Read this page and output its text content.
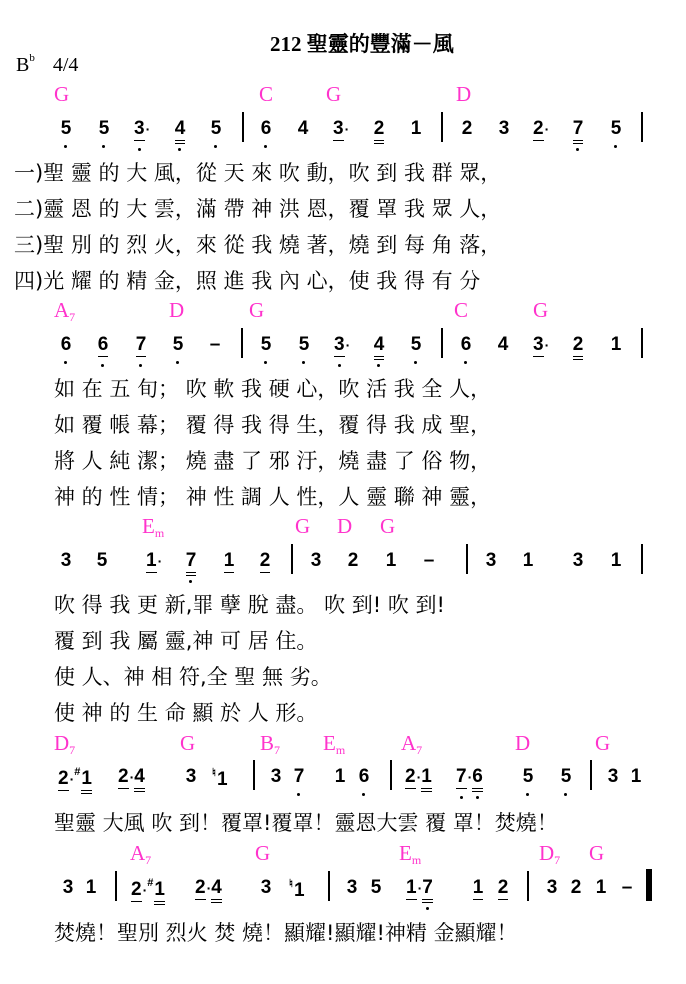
212 聖靈的豐滿－風
$B^b$ 4/4
G	C	G	D
5 5 3· 4 5 6 4 3· 2 1 2 3 2· 7 5
一)聖 靈 的 大 風，從 天 來 吹 動，吹 到 我 群 眾，
二)靈 恩 的 大 雲，滿 帶 神 洪 恩，覆 罩 我 眾 人，
三)聖 別 的 烈 火，來 從 我 燒 著，燒 到 每 角 落，
四)光 耀 的 精 金，照 進 我 內 心，使 我 得 有 分
$A_7$	D	G	C	G
6 6 7 5 – 5 5 3· 4 5 6 4 3· 2 1
如 在 五 旬； 吹 軟 我 硬 心，吹 活 我 全 人，
如 覆 帳 幕； 覆 得 我 得 生，覆 得 我 成 聖，
將 人 純 潔； 燒 盡 了 邪 汙，燒 盡 了 俗 物，
神 的 性 情； 神 性 調 人 性，人 靈 聯 神 靈，
$E_m$	G D G
3 5 1· 7 1 2 3 2 1 –	3 1 3 1
吹 得 我 更 新,罪 孽 脫 盡。 吹 到! 吹 到!
覆 到 我 屬 靈,神 可 居 住。
使 人、神 相 符,全 聖 無 劣。
使 神 的 生 命 顯 於 人 形。
$D_7$	G	$B_7$ $E_m$	$A_7$	D	G
2·#1 2·4 3 ♮1 3 7 1 6 2·1 7·6 5 5 3 1
聖靈 大風 吹 到！覆罩!覆罩！靈恩大雲 覆 罩！焚燒！
$A_7$	G	$E_m$	$D_7$ G
3 1 2·#1 2·4 3 ♮1 3 5 1·7 1 2 3 2 1 –
焚燒！聖別 烈火 焚 燒！顯耀!顯耀!神精 金顯耀！
